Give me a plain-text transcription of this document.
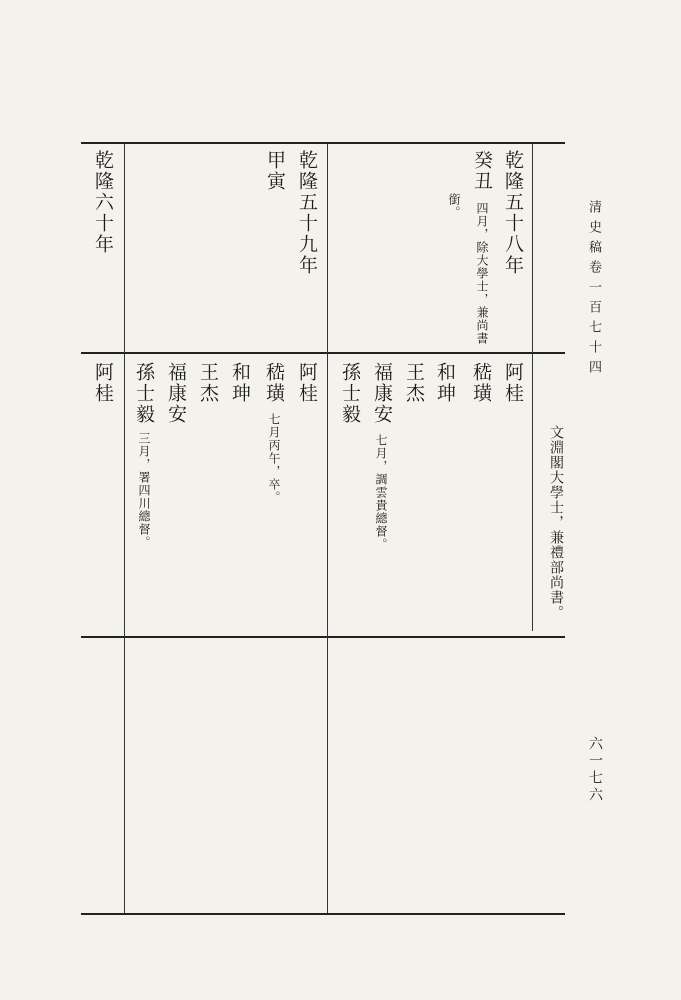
清史稿卷一百七十四
六一七六
乾隆五十八年
癸丑
四月，除大學士，兼尚書
銜。
阿桂
嵇璜
和珅
王杰
福康安
七月，調雲貴總督。
孫士毅
文淵閣大學士，兼禮部尚書。
乾隆五十九年
甲寅
阿桂
嵇璜
七月丙午，卒。
和珅
王杰
福康安
孫士毅
三月，署四川總督。
乾隆六十年
阿桂
